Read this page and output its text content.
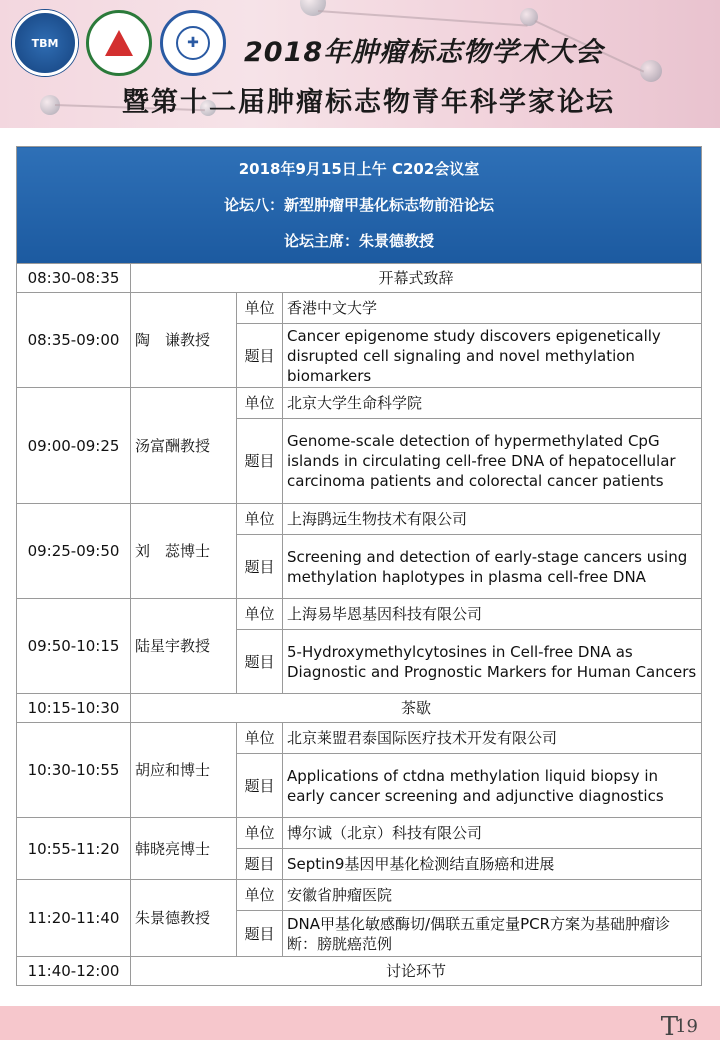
TBM	✚	2018年肿瘤标志物学术大会
暨第十二届肿瘤标志物青年科学家论坛
2018年9月15日上午 C202会议室
论坛八：新型肿瘤甲基化标志物前沿论坛
论坛主席：朱景德教授			

08:30-08:35	开幕式致辞		
08:35-09:00	陶　谦教授	单位	香港中文大学
		题目	Cancer epigenome study discovers epigenetically disrupted cell signaling and novel methylation biomarkers
09:00-09:25	汤富酬教授	单位	北京大学生命科学院
		题目	Genome-scale detection of hypermethylated CpG islands in circulating cell-free DNA of hepatocellular carcinoma patients and colorectal cancer patients
09:25-09:50	刘　蕊博士	单位	上海鹍远生物技术有限公司
		题目	Screening and detection of early-stage cancers using methylation haplotypes in plasma cell-free DNA
09:50-10:15	陆星宇教授	单位	上海易毕恩基因科技有限公司
		题目	5-Hydroxymethylcytosines in Cell-free DNA as Diagnostic and Prognostic Markers for Human Cancers
10:15-10:30	茶歇		
10:30-10:55	胡应和博士	单位	北京莱盟君泰国际医疗技术开发有限公司
		题目	Applications of ctdna methylation liquid biopsy in early cancer screening and adjunctive diagnostics
10:55-11:20	韩晓亮博士	单位	博尔诚（北京）科技有限公司
		题目	Septin9基因甲基化检测结直肠癌和进展
11:20-11:40	朱景德教授	单位	安徽省肿瘤医院
		题目	DNA甲基化敏感酶切/偶联五重定量PCR方案为基础肿瘤诊断：膀胱癌范例
11:40-12:00	讨论环节		
T19
